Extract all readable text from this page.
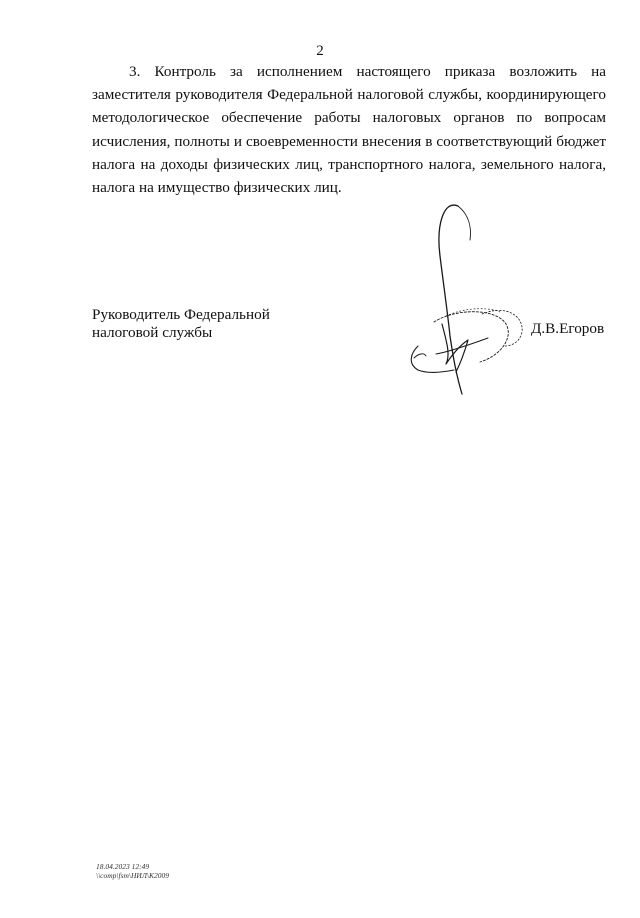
2

3. Контроль за исполнением настоящего приказа возложить на заместителя руководителя Федеральной налоговой службы, координирующего методологическое обеспечение работы налоговых органов по вопросам исчисления, полноты и своевременности внесения в соответствующий бюджет налога на доходы физических лиц, транспортного налога, земельного налога, налога на имущество физических лиц.

Руководитель Федеральной
налоговой службы	Д.В.Егоров
18.04.2023 12:49
\\comp\fsm\НИЛ\К2009
